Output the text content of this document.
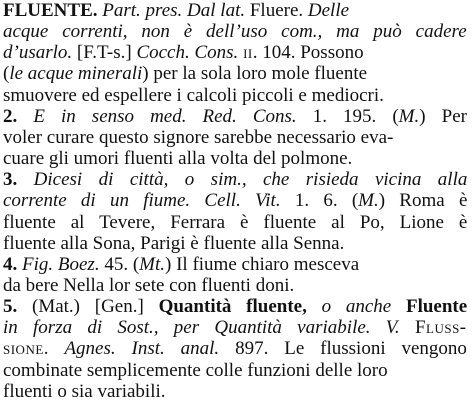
FLUENTE. Part. pres. Dal lat. Fluere. Delle
acque correnti, non è dell’uso com., ma può cadere
d’usarlo. [F.T-s.] Cocch. Cons. ii. 104. Possono
(le acque minerali) per la sola loro mole fluente
smuovere ed espellere i calcoli piccoli e mediocri.
2. E in senso med. Red. Cons. 1. 195. (M.) Per
voler curare questo signore sarebbe necessario eva-
cuare gli umori fluenti alla volta del polmone.
3. Dicesi di città, o sim., che risieda vicina alla
corrente di un fiume. Cell. Vit. 1. 6. (M.) Roma è
fluente al Tevere, Ferrara è fluente al Po, Lione è
fluente alla Sona, Parigi è fluente alla Senna.
4. Fig. Boez. 45. (Mt.) Il fiume chiaro mesceva
da bere Nella lor sete con fluenti doni.
5. (Mat.) [Gen.] Quantità fluente, o anche Fluente
in forza di Sost., per Quantità variabile. V. Fluss-
sione. Agnes. Inst. anal. 897. Le flussioni vengono
combinate semplicemente colle funzioni delle loro
fluenti o sia variabili.
